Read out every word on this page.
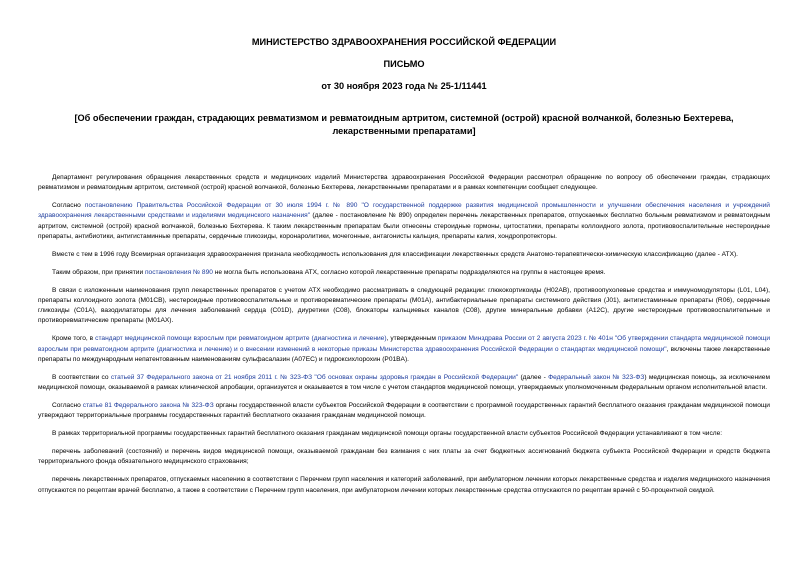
МИНИСТЕРСТВО ЗДРАВООХРАНЕНИЯ РОССИЙСКОЙ ФЕДЕРАЦИИ
ПИСЬМО
от 30 ноября 2023 года № 25-1/11441
[Об обеспечении граждан, страдающих ревматизмом и ревматоидным артритом, системной (острой) красной волчанкой, болезнью Бехтерева, лекарственными препаратами]

Департамент регулирования обращения лекарственных средств и медицинских изделий Министерства здравоохранения Российской Федерации рассмотрел обращение по вопросу об обеспечении граждан, страдающих ревматизмом и ревматоидным артритом, системной (острой) красной волчанкой, болезнью Бехтерева, лекарственными препаратами и в рамках компетенции сообщает следующее.

Согласно постановлению Правительства Российской Федерации от 30 июля 1994 г. № 890 "О государственной поддержке развития медицинской промышленности и улучшении обеспечения населения и учреждений здравоохранения лекарственными средствами и изделиями медицинского назначения" (далее - постановление № 890) определен перечень лекарственных препаратов, отпускаемых бесплатно больным ревматизмом и ревматоидным артритом, системной (острой) красной волчанкой, болезнью Бехтерева. К таким лекарственным препаратам были отнесены стероидные гормоны, цитостатики, препараты коллоидного золота, противовоспалительные нестероидные препараты, антибиотики, антигистаминные препараты, сердечные гликозиды, коронаролитики, мочегонные, антагонисты кальция, препараты калия, хондропротекторы.

Вместе с тем в 1996 году Всемирная организация здравоохранения признала необходимость использования для классификации лекарственных средств Анатомо-терапевтически-химическую классификацию (далее - АТХ).

Таким образом, при принятии постановления № 890 не могла быть использована АТХ, согласно которой лекарственные препараты подразделяются на группы в настоящее время.

В связи с изложенным наименования групп лекарственных препаратов с учетом АТХ необходимо рассматривать в следующей редакции: глюкокортикоиды (H02AB), противоопухолевые средства и иммуномодуляторы (L01, L04), препараты коллоидного золота (M01CB), нестероидные противовоспалительные и противоревматические препараты (M01A), антибактериальные препараты системного действия (J01), антигистаминные препараты (R06), сердечные гликозиды (C01A), вазодилататоры для лечения заболеваний сердца (C01D), диуретики (C08), блокаторы кальциевых каналов (C08), другие минеральные добавки (A12C), другие нестероидные противовоспалительные и противоревматические препараты (M01AX).

Кроме того, в стандарт медицинской помощи взрослым при ревматоидном артрите (диагностика и лечение), утвержденным приказом Минздрава России от 2 августа 2023 г. № 401н "Об утверждении стандарта медицинской помощи взрослым при ревматоидном артрите (диагностика и лечение) и о внесении изменений в некоторые приказы Министерства здравоохранения Российской Федерации о стандартах медицинской помощи", включены также лекарственные препараты по международным непатентованным наименованиям сульфасалазин (A07EC) и гидроксихлорохин (P01BA).

В соответствии со статьей 37 Федерального закона от 21 ноября 2011 г. № 323-ФЗ "Об основах охраны здоровья граждан в Российской Федерации" (далее - Федеральный закон № 323-ФЗ) медицинская помощь, за исключением медицинской помощи, оказываемой в рамках клинической апробации, организуется и оказывается в том числе с учетом стандартов медицинской помощи, утверждаемых уполномоченным федеральным органом исполнительной власти.

Согласно статье 81 Федерального закона № 323-ФЗ органы государственной власти субъектов Российской Федерации в соответствии с программой государственных гарантий бесплатного оказания гражданам медицинской помощи утверждают территориальные программы государственных гарантий бесплатного оказания гражданам медицинской помощи.

В рамках территориальной программы государственных гарантий бесплатного оказания гражданам медицинской помощи органы государственной власти субъектов Российской Федерации устанавливают в том числе:

перечень заболеваний (состояний) и перечень видов медицинской помощи, оказываемой гражданам без взимания с них платы за счет бюджетных ассигнований бюджета субъекта Российской Федерации и средств бюджета территориального фонда обязательного медицинского страхования;

перечень лекарственных препаратов, отпускаемых населению в соответствии с Перечнем групп населения и категорий заболеваний, при амбулаторном лечении которых лекарственные средства и изделия медицинского назначения отпускаются по рецептам врачей бесплатно, а также в соответствии с Перечнем групп населения, при амбулаторном лечении которых лекарственные средства отпускаются по рецептам врачей с 50-процентной скидкой.
